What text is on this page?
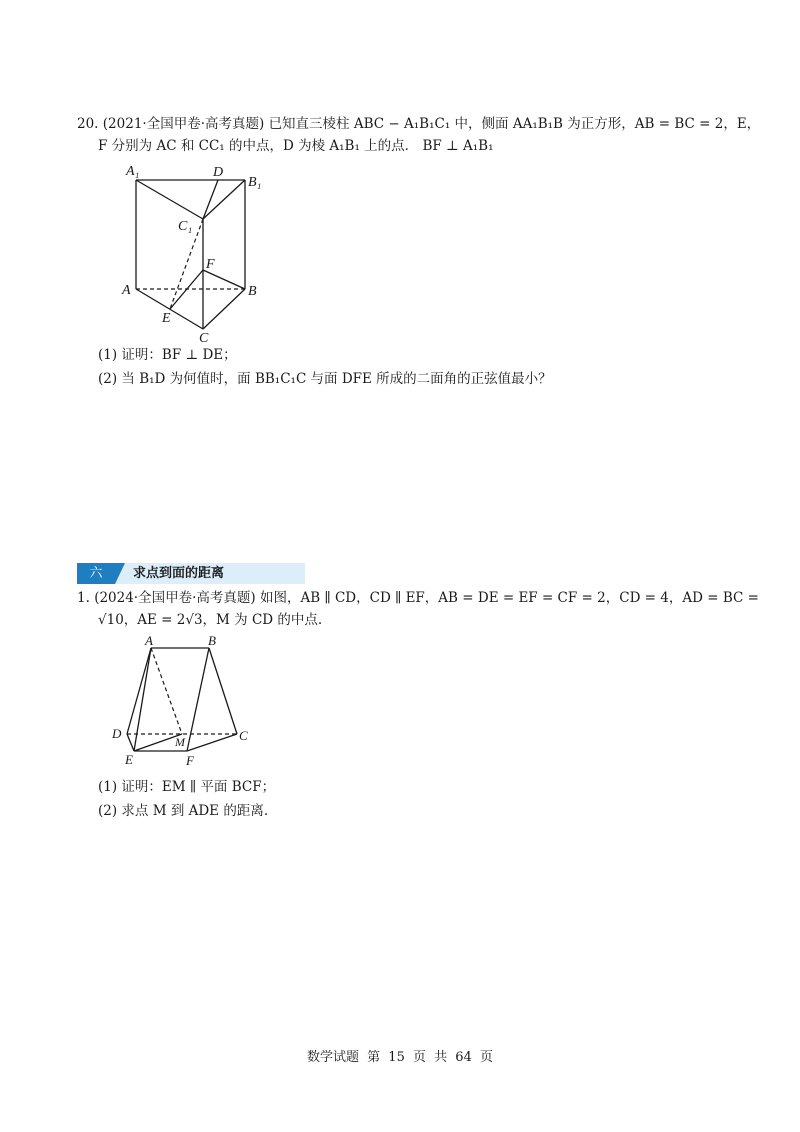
20. (2021·全国甲卷·高考真题) 已知直三棱柱 ABC − A₁B₁C₁ 中，侧面 AA₁B₁B 为正方形，AB = BC = 2，E，
F 分别为 AC 和 CC₁ 的中点，D 为棱 A₁B₁ 上的点． BF ⊥ A₁B₁
A₁	D
B₁
C₁
F
A	B
E
C
(1) 证明：BF ⊥ DE；
(2) 当 B₁D 为何值时，面 BB₁C₁C 与面 DFE 所成的二面角的正弦值最小？
六	求点到面的距离
1. (2024·全国甲卷·高考真题) 如图，AB ∥ CD，CD ∥ EF，AB = DE = EF = CF = 2，CD = 4，AD = BC =
√10，AE = 2√3，M 为 CD 的中点.
A	B
D
M	C
E	F
(1) 证明：EM ∥ 平面 BCF；
(2) 求点 M 到 ADE 的距离.
数学试题 第 15 页 共 64 页
